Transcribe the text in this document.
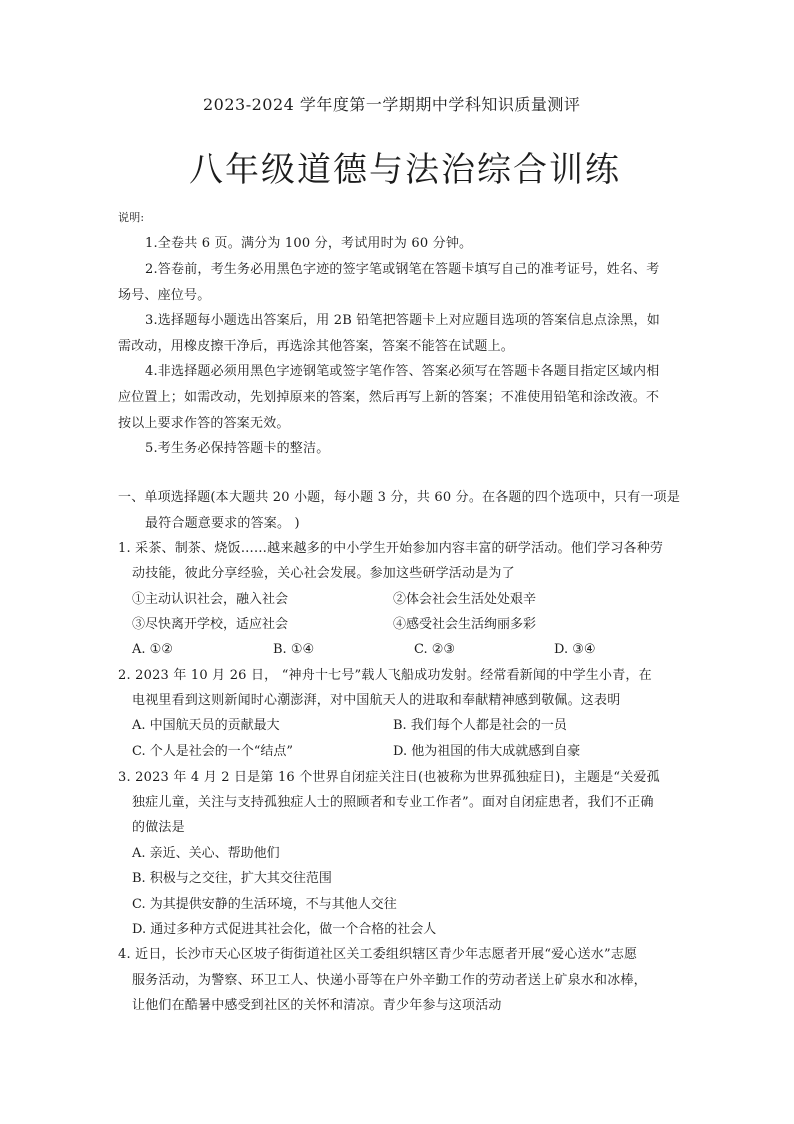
2023-2024 学年度第一学期期中学科知识质量测评
八年级道德与法治综合训练
说明:
1.全卷共 6 页。满分为 100 分，考试用时为 60 分钟。
2.答卷前，考生务必用黑色字迹的签字笔或钢笔在答题卡填写自己的准考证号，姓名、考
场号、座位号。
3.选择题每小题选出答案后，用 2B 铅笔把答题卡上对应题目选项的答案信息点涂黑，如
需改动，用橡皮擦干净后，再选涂其他答案，答案不能答在试题上。
4.非选择题必须用黑色字迹钢笔或签字笔作答、答案必须写在答题卡各题目指定区域内相
应位置上；如需改动，先划掉原来的答案，然后再写上新的答案；不准使用铅笔和涂改液。不
按以上要求作答的答案无效。
5.考生务必保持答题卡的整洁。
一、单项选择题(本大题共 20 小题，每小题 3 分，共 60 分。在各题的四个选项中，只有一项是
最符合题意要求的答案。 )
1. 采茶、制茶、烧饭……越来越多的中小学生开始参加内容丰富的研学活动。他们学习各种劳
动技能，彼此分享经验，关心社会发展。参加这些研学活动是为了
①主动认识社会，融入社会	②体会社会生活处处艰辛
③尽快离开学校，适应社会	④感受社会生活绚丽多彩
A. ①②	B. ①④	C. ②③	D. ③④
2. 2023 年 10 月 26 日， “神舟十七号”载人飞船成功发射。经常看新闻的中学生小青，在
电视里看到这则新闻时心潮澎湃，对中国航天人的进取和奉献精神感到敬佩。这表明
A. 中国航天员的贡献最大	B. 我们每个人都是社会的一员
C. 个人是社会的一个“结点”	D. 他为祖国的伟大成就感到自豪
3. 2023 年 4 月 2 日是第 16 个世界自闭症关注日(也被称为世界孤独症日)，主题是“关爱孤
独症儿童，关注与支持孤独症人士的照顾者和专业工作者”。面对自闭症患者，我们不正确
的做法是
A. 亲近、关心、帮助他们
B. 积极与之交往，扩大其交往范围
C. 为其提供安静的生活环境，不与其他人交往
D. 通过多种方式促进其社会化，做一个合格的社会人
4. 近日，长沙市天心区坡子街街道社区关工委组织辖区青少年志愿者开展“爱心送水”志愿
服务活动，为警察、环卫工人、快递小哥等在户外辛勤工作的劳动者送上矿泉水和冰棒，
让他们在酷暑中感受到社区的关怀和清凉。青少年参与这项活动
